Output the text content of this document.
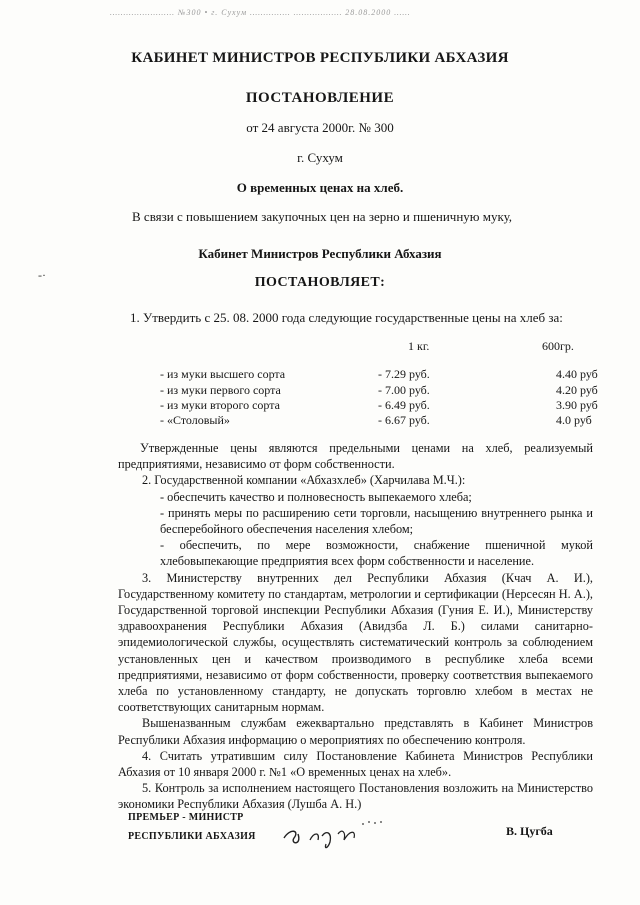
…………………… №300 • г. Сухум …………… ……………… 28.08.2000 ……
КАБИНЕТ МИНИСТРОВ РЕСПУБЛИКИ АБХАЗИЯ
ПОСТАНОВЛЕНИЕ
от 24 августа 2000г. № 300
г. Сухум
О временных ценах на хлеб.
В связи с повышением закупочных цен на зерно и пшеничную муку,
Кабинет Министров Республики Абхазия
ПОСТАНОВЛЯЕТ:
-·
1. Утвердить с 25. 08. 2000 года следующие государственные цены на хлеб за:
1 кг.	600гр.
- из муки высшего сорта	- 7.29 руб.	4.40 руб
- из муки первого сорта	- 7.00 руб.	4.20 руб
- из муки второго сорта	- 6.49 руб.	3.90 руб
- «Столовый»	- 6.67 руб.	4.0 руб

Утвержденные цены являются предельными ценами на хлеб, реализуемый предприятиями, независимо от форм собственности.

2. Государственной компании «Абхазхлеб» (Харчилава М.Ч.):

- обеспечить качество и полновесность выпекаемого хлеба;

- принять меры по расширению сети торговли, насыщению внутреннего рынка и бесперебойного обеспечения населения хлебом;

- обеспечить, по мере возможности, снабжение пшеничной мукой хлебовыпекающие предприятия всех форм собственности и население.

3. Министерству внутренних дел Республики Абхазия (Кчач А. И.), Государственному комитету по стандартам, метрологии и сертификации (Нерсесян Н. А.), Государственной торговой инспекции Республики Абхазия (Гуния Е. И.), Министерству здравоохранения Республики Абхазия (Авидзба Л. Б.) силами санитарно-эпидемиологической службы, осуществлять систематический контроль за соблюдением установленных цен и качеством производимого в республике хлеба всеми предприятиями, независимо от форм собственности, проверку соответствия выпекаемого хлеба по установленному стандарту, не допускать торговлю хлебом в местах не соответствующих санитарным нормам.

Вышеназванным службам ежеквартально представлять в Кабинет Министров Республики Абхазия информацию о мероприятиях по обеспечению контроля.

4. Считать утратившим силу Постановление Кабинета Министров Республики Абхазия от 10 января 2000 г. №1 «О временных ценах на хлеб».

5. Контроль за исполнением настоящего Постановления возложить на Министерство экономики Республики Абхазия (Лушба А. Н.)

ПРЕМЬЕР - МИНИСТР
РЕСПУБЛИКИ АБХАЗИЯ	В. Цугба
